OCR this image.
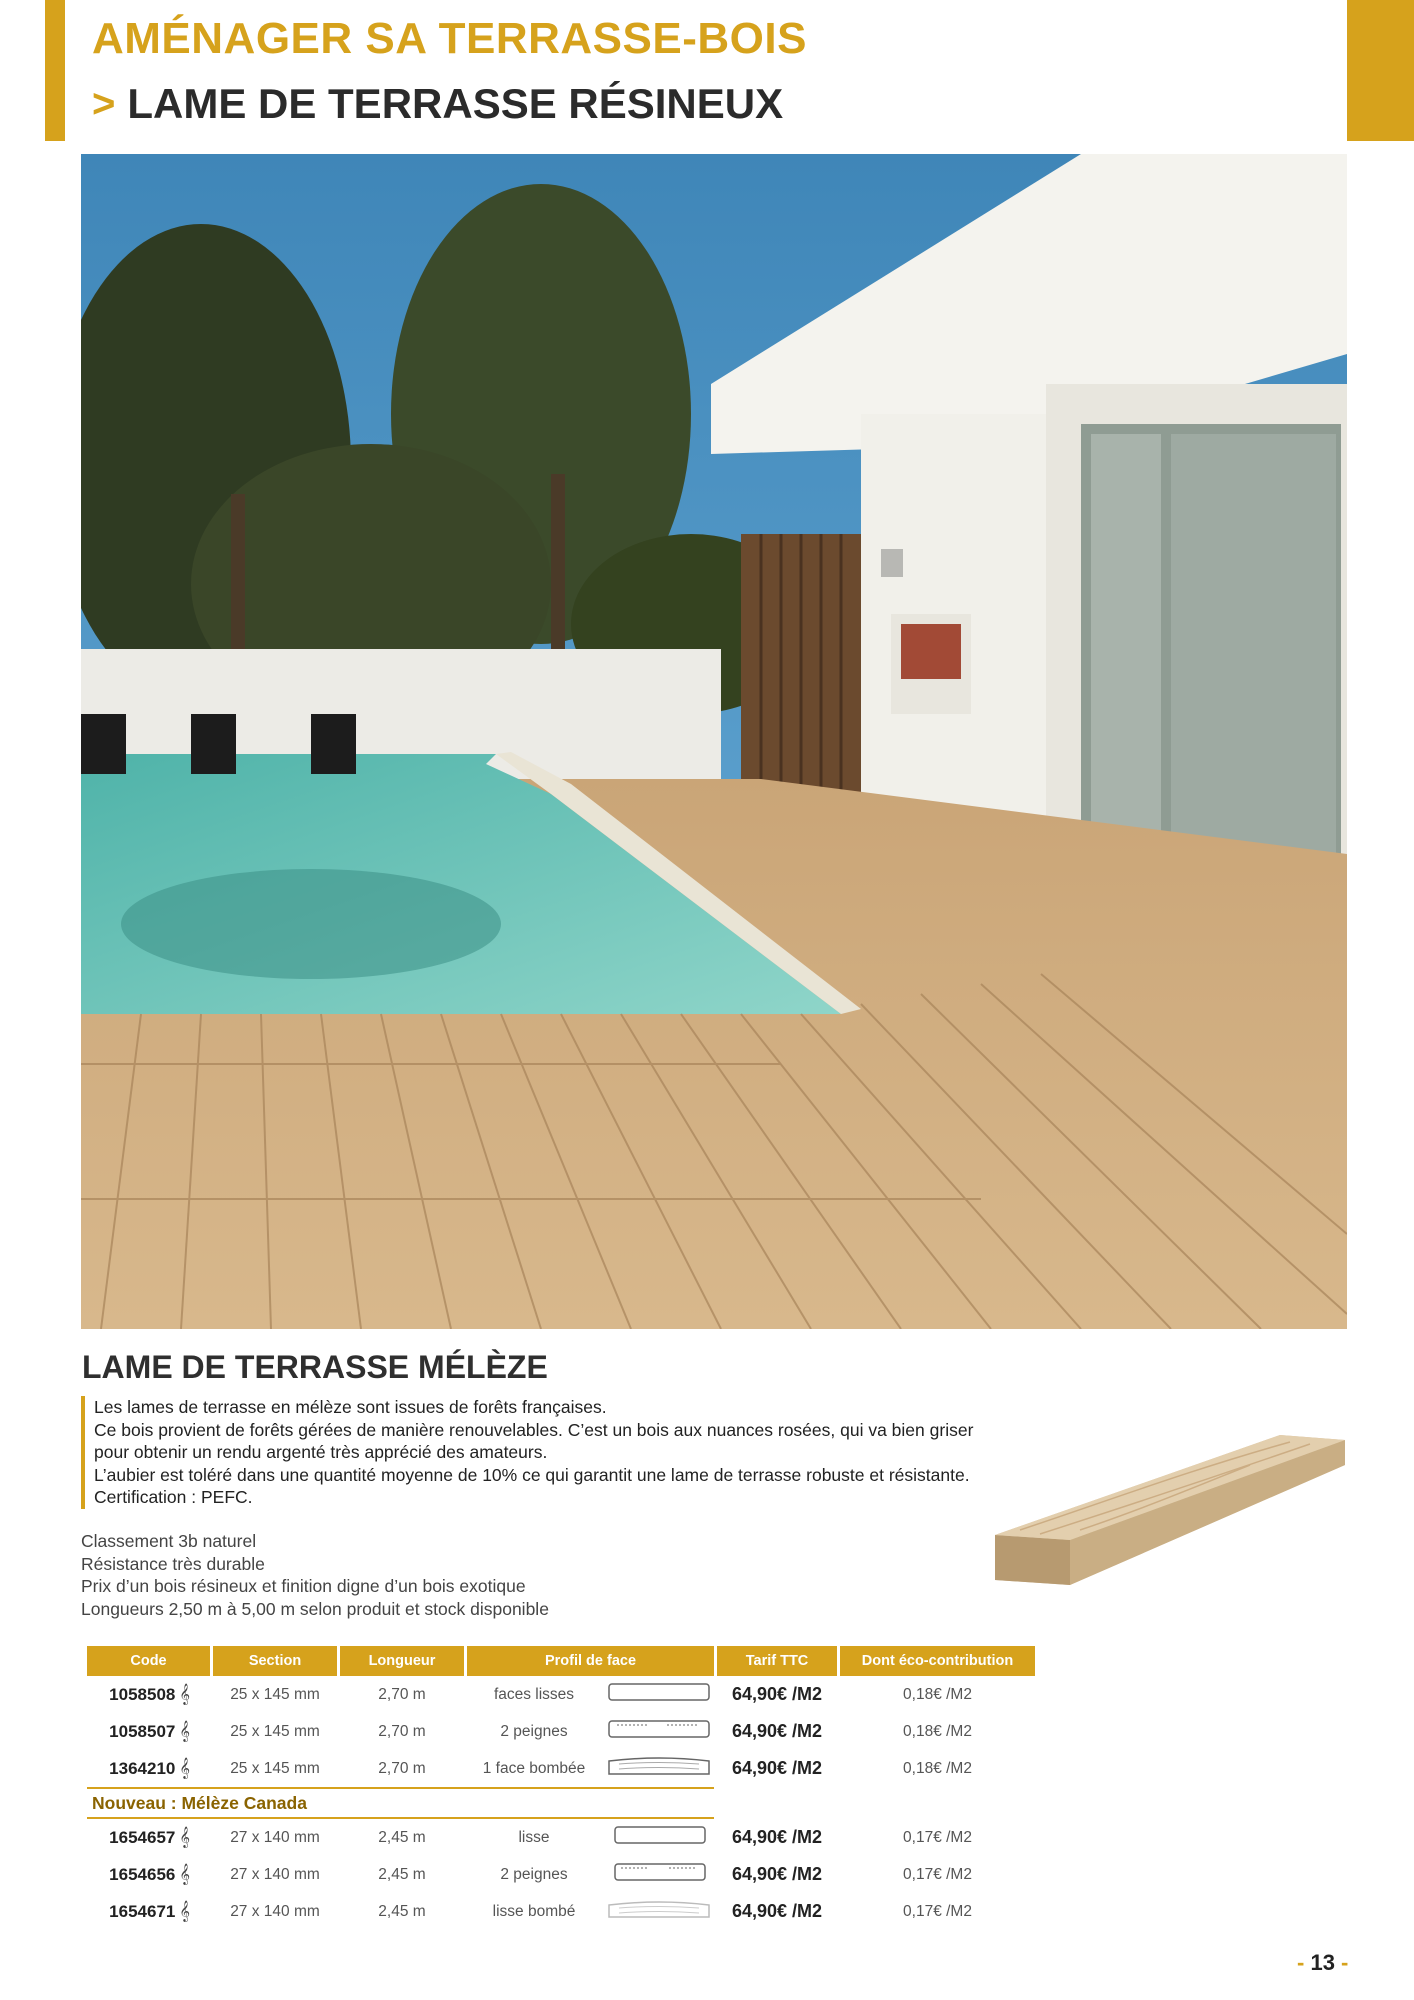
AMÉNAGER SA TERRASSE-BOIS
> LAME DE TERRASSE RÉSINEUX
LAME DE TERRASSE MÉLÈZE
Les lames de terrasse en mélèze sont issues de forêts françaises.
Ce bois provient de forêts gérées de manière renouvelables. C’est un bois aux nuances rosées, qui va bien griser
pour obtenir un rendu argenté très apprécié des amateurs.
L’aubier est toléré dans une quantité moyenne de 10% ce qui garantit une lame de terrasse robuste et résistante.
Certification : PEFC.
Classement 3b naturel
Résistance très durable
Prix d’un bois résineux et finition digne d’un bois exotique
Longueurs 2,50 m à 5,00 m selon produit et stock disponible
Code	Section	Longueur	Profil de face		Tarif TTC	Dont éco-contribution
1058508 𝄞	25 x 145 mm	2,70 m	faces lisses		64,90€ /M2	0,18€ /M2
1058507 𝄞	25 x 145 mm	2,70 m	2 peignes		64,90€ /M2	0,18€ /M2
1364210 𝄞	25 x 145 mm	2,70 m	1 face bombée		64,90€ /M2	0,18€ /M2
Nouveau : Mélèze Canada						
1654657 𝄞	27 x 140 mm	2,45 m	lisse		64,90€ /M2	0,17€ /M2
1654656 𝄞	27 x 140 mm	2,45 m	2 peignes		64,90€ /M2	0,17€ /M2
1654671 𝄞	27 x 140 mm	2,45 m	lisse bombé		64,90€ /M2	0,17€ /M2
- 13 -
